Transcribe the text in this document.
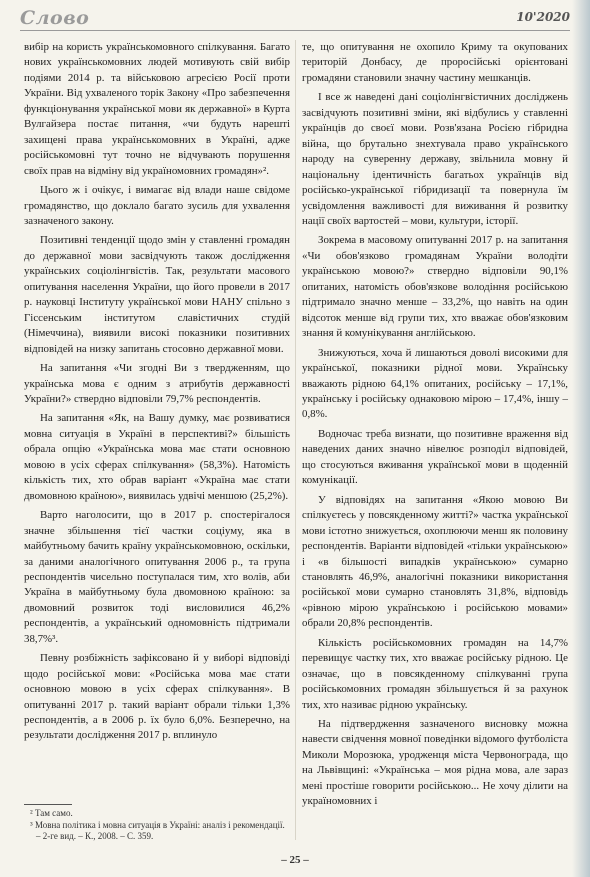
Слово	10'2020

вибір на користь українськомовного спілкування. Багато нових українськомовних людей мотивують свій вибір подіями 2014 р. та військовою агресією Росії проти України. Від ухваленого торік Закону «Про забезпечення функціонування української мови як державної» в Курта Вулгайзера постає питання, «чи будуть нарешті захищені права українськомовних в Україні, адже російськомовні тут точно не відчувають порушення своїх прав на відміну від україномовних громадян»².

Цього ж і очікує, і вимагає від влади наше свідоме громадянство, що доклало багато зусиль для ухвалення зазначеного закону.

Позитивні тенденції щодо змін у ставленні громадян до державної мови засвідчують також дослідження українських соціолінгвістів. Так, результати масового опитування населення України, що його провели в 2017 р. науковці Інституту української мови НАНУ спільно з Гіссенським інститутом славістичних студій (Німеччина), виявили високі показники позитивних відповідей на низку запитань стосовно державної мови.

На запитання «Чи згодні Ви з твердженням, що українська мова є одним з атрибутів державності України?» ствердно відповіли 79,7% респондентів.

На запитання «Як, на Вашу думку, має розвиватися мовна ситуація в Україні в перспективі?» більшість обрала опцію «Українська мова має стати основною мовою в усіх сферах спілкування» (58,3%). Натомість кількість тих, хто обрав варіант «Україна має стати двомовною країною», виявилась удвічі меншою (25,2%).

Варто наголосити, що в 2017 р. спостерігалося значне збільшення тієї частки соціуму, яка в майбутньому бачить країну українськомовною, оскільки, за даними аналогічного опитування 2006 р., та група респондентів чисельно поступалася тим, хто волів, аби Україна в майбутньому була двомовною країною: за двомовний розвиток тоді висловилися 46,2% респондентів, а український одномовність підтримали 38,7%³.

Певну розбіжність зафіксовано й у виборі відповіді щодо російської мови: «Російська мова має стати основною мовою в усіх сферах спілкування». В опитуванні 2017 р. такий варіант обрали тільки 1,3% респондентів, а в 2006 р. їх було 6,0%. Безперечно, на результати дослідження 2017 р. вплинуло

те, що опитування не охопило Криму та окупованих територій Донбасу, де проросійські орієнтовані громадяни становили значну частину мешканців.

І все ж наведені дані соціолінгвістичних досліджень засвідчують позитивні зміни, які відбулись у ставленні українців до своєї мови. Розв'язана Росією гібридна війна, що брутально знехтувала право українського народу на суверенну державу, звільнила мовну й національну ідентичність багатьох українців від російсько-української гібридизації та повернула їм усвідомлення важливості для виживання й розвитку нації своїх вартостей – мови, культури, історії.

Зокрема в масовому опитуванні 2017 р. на запитання «Чи обов'язково громадянам України володіти українською мовою?» ствердно відповіли 90,1% опитаних, натомість обов'язкове володіння російською підтримало значно менше – 33,2%, що навіть на один відсоток менше від групи тих, хто вважає обов'язковим знання й комунікування англійською.

Знижуються, хоча й лишаються доволі високими для української, показники рідної мови. Українську вважають рідною 64,1% опитаних, російську – 17,1%, українську і російську однаковою мірою – 17,4%, іншу – 0,8%.

Водночас треба визнати, що позитивне враження від наведених даних значно нівелює розподіл відповідей, що стосуються вживання української мови в щоденній комунікації.

У відповідях на запитання «Якою мовою Ви спілкуєтесь у повсякденному житті?» частка української мови істотно знижується, охоплюючи менш як половину респондентів. Варіанти відповідей «тільки українською» і «в більшості випадків українською» сумарно становлять 46,9%, аналогічні показники використання російської мови сумарно становлять 31,8%, відповідь «рівною мірою українською і російською мовами» обрали 20,8% респондентів.

Кількість російськомовних громадян на 14,7% перевищує частку тих, хто вважає російську рідною. Це означає, що в повсякденному спілкуванні група російськомовних громадян збільшується й за рахунок тих, хто називає рідною українську.

На підтвердження зазначеного висновку можна навести свідчення мовної поведінки відомого футболіста Миколи Морозюка, уродженця міста Червонограда, що на Львівщині: «Українська – моя рідна мова, але зараз мені простіше говорити російською... Не хочу ділити на україномовних і

² Там само.
³ Мовна політика і мовна ситуація в Україні: аналіз і рекомендації. – 2-ге вид. – К., 2008. – С. 359.
– 25 –
